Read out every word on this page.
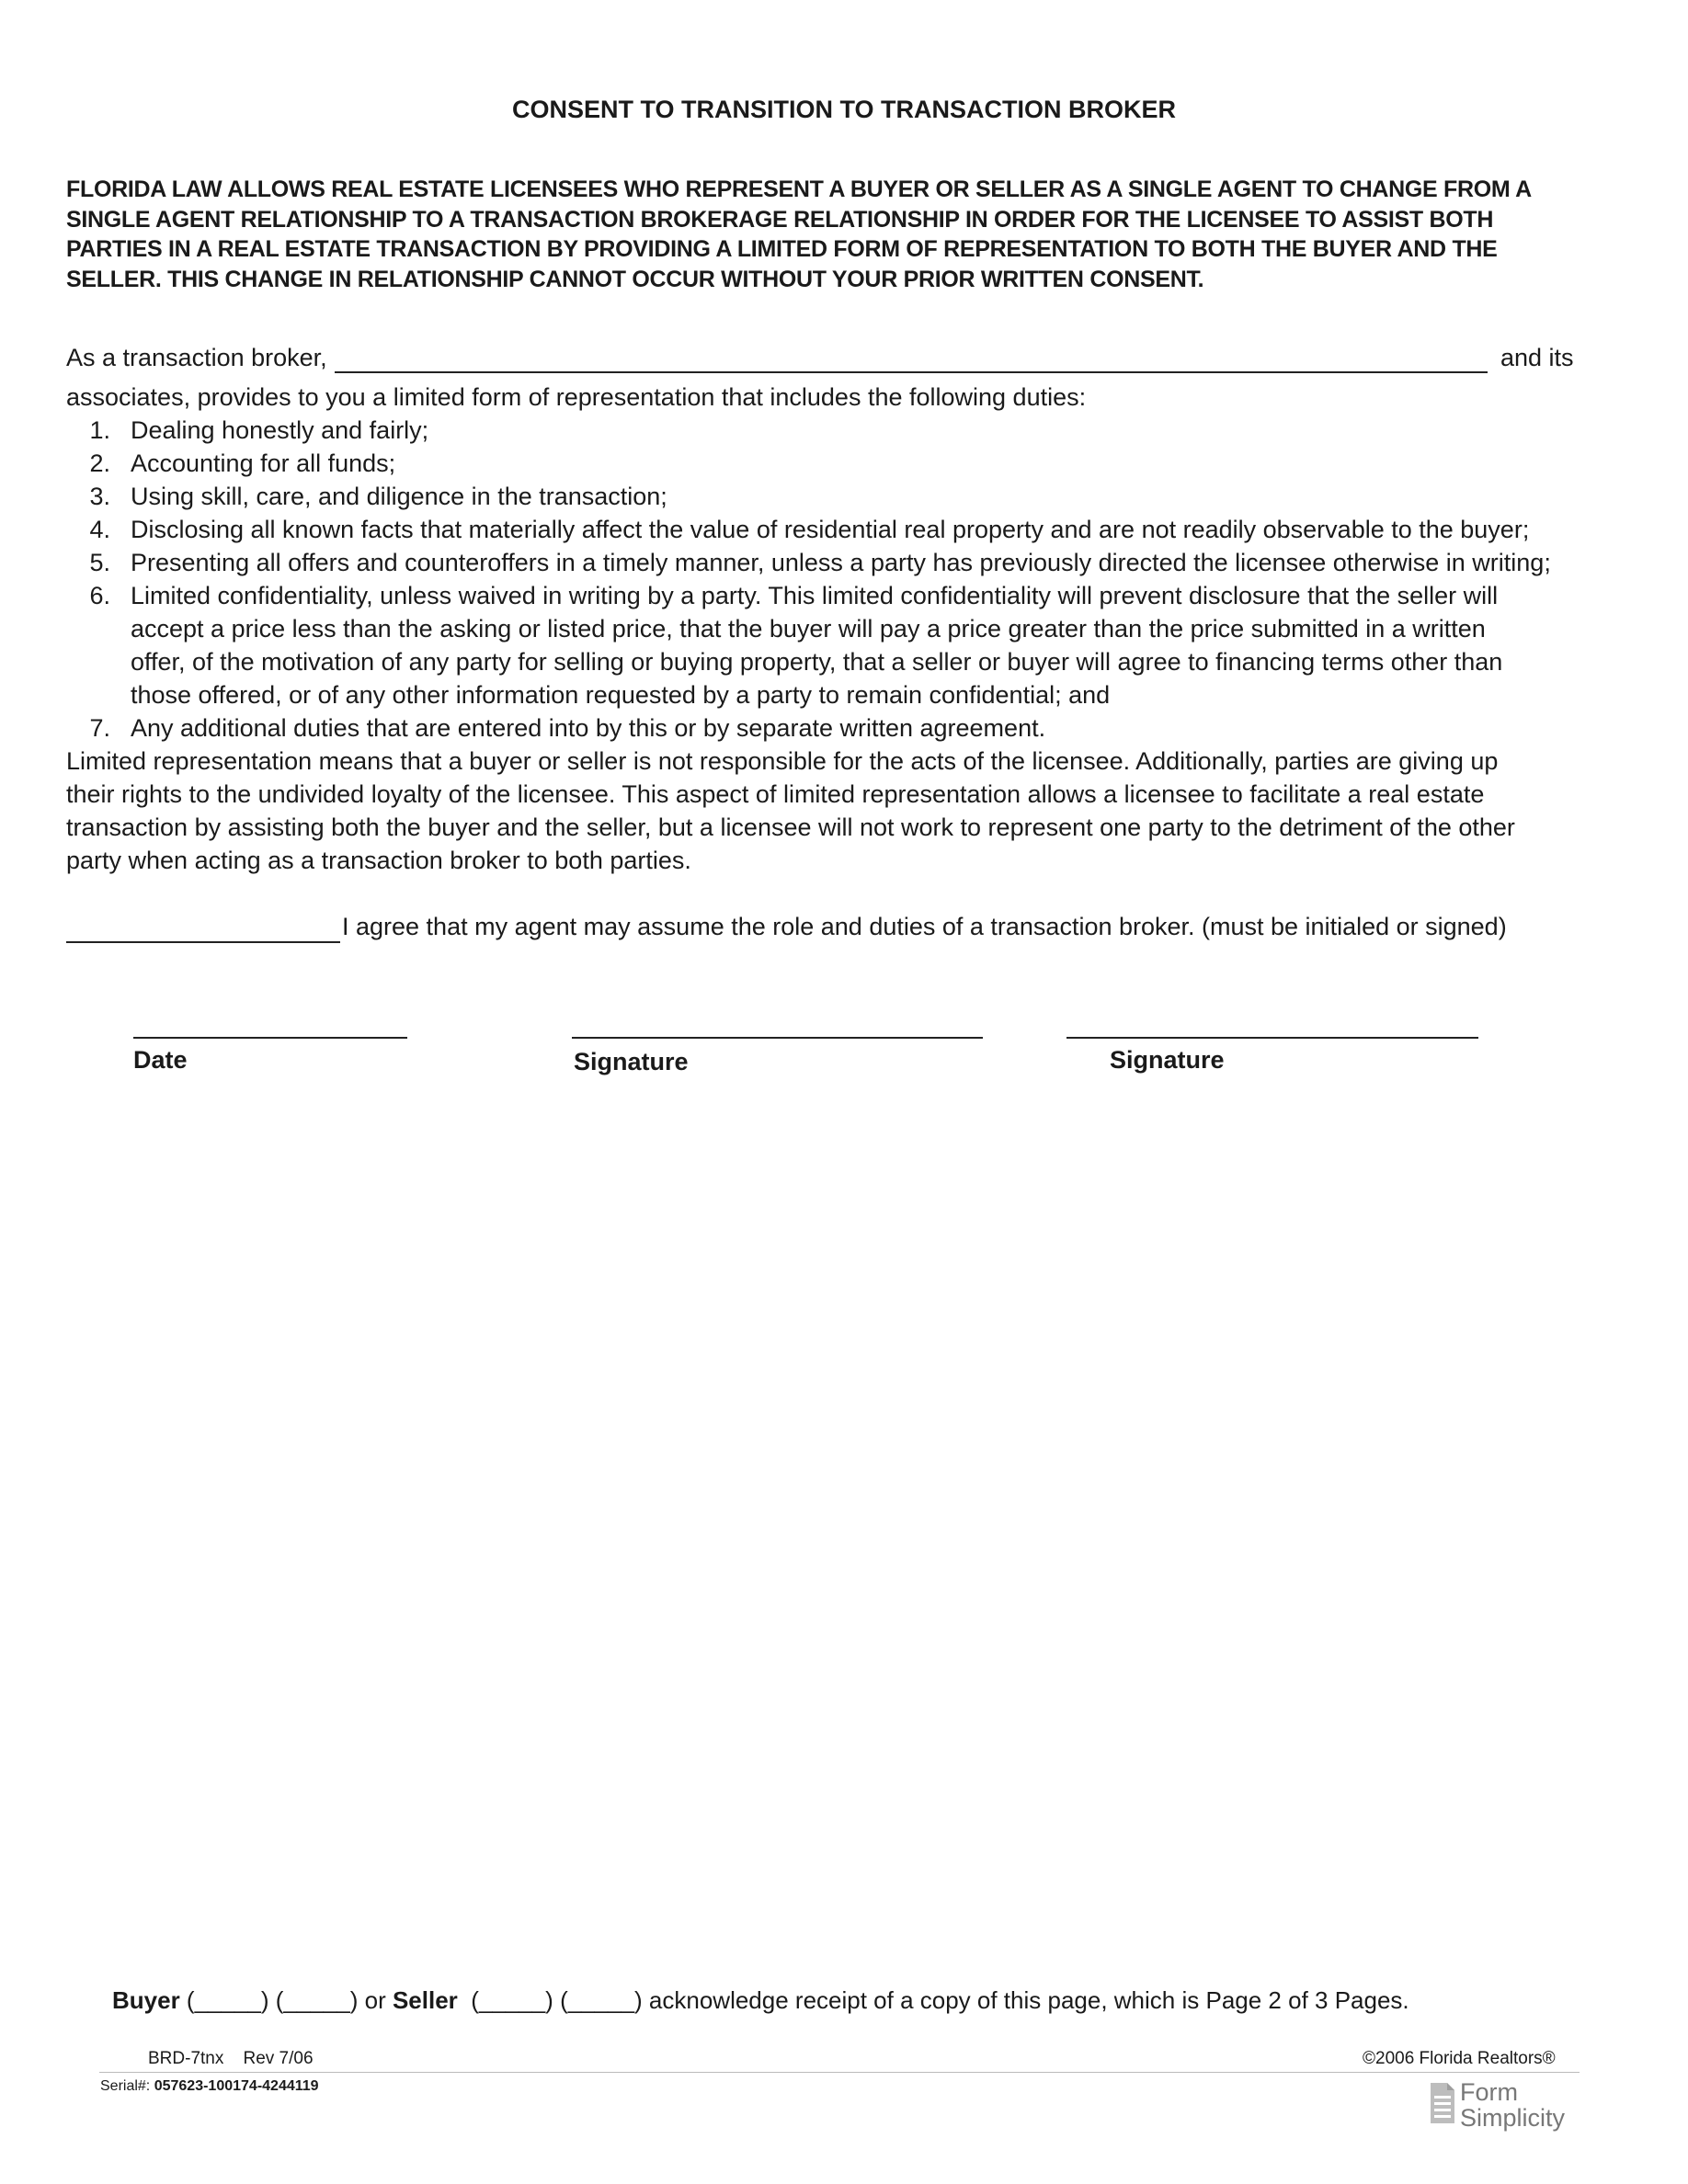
CONSENT TO TRANSITION TO TRANSACTION BROKER
FLORIDA LAW ALLOWS REAL ESTATE LICENSEES WHO REPRESENT A BUYER OR SELLER AS A SINGLE AGENT TO CHANGE FROM A
SINGLE AGENT RELATIONSHIP TO A TRANSACTION BROKERAGE RELATIONSHIP IN ORDER FOR THE LICENSEE TO ASSIST BOTH
PARTIES IN A REAL ESTATE TRANSACTION BY PROVIDING A LIMITED FORM OF REPRESENTATION TO BOTH THE BUYER AND THE
SELLER. THIS CHANGE IN RELATIONSHIP CANNOT OCCUR WITHOUT YOUR PRIOR WRITTEN CONSENT.
As a transaction broker,	and its
associates, provides to you a limited form of representation that includes the following duties:
1. Dealing honestly and fairly;
2. Accounting for all funds;
3. Using skill, care, and diligence in the transaction;
4. Disclosing all known facts that materially affect the value of residential real property and are not readily observable to the buyer;
5. Presenting all offers and counteroffers in a timely manner, unless a party has previously directed the licensee otherwise in writing;
6. Limited confidentiality, unless waived in writing by a party. This limited confidentiality will prevent disclosure that the seller will
accept a price less than the asking or listed price, that the buyer will pay a price greater than the price submitted in a written
offer, of the motivation of any party for selling or buying property, that a seller or buyer will agree to financing terms other than
those offered, or of any other information requested by a party to remain confidential; and
7. Any additional duties that are entered into by this or by separate written agreement.
Limited representation means that a buyer or seller is not responsible for the acts of the licensee. Additionally, parties are giving up
their rights to the undivided loyalty of the licensee. This aspect of limited representation allows a licensee to facilitate a real estate
transaction by assisting both the buyer and the seller, but a licensee will not work to represent one party to the detriment of the other
party when acting as a transaction broker to both parties.
I agree that my agent may assume the role and duties of a transaction broker. (must be initialed or signed)
Date	Signature	Signature
Buyer (_____) (_____) or Seller  (_____) (_____) acknowledge receipt of a copy of this page, which is Page 2 of 3 Pages.
BRD-7tnx    Rev 7/06	©2006 Florida Realtors®
Serial#: 057623-100174-4244119	Form
Simplicity
